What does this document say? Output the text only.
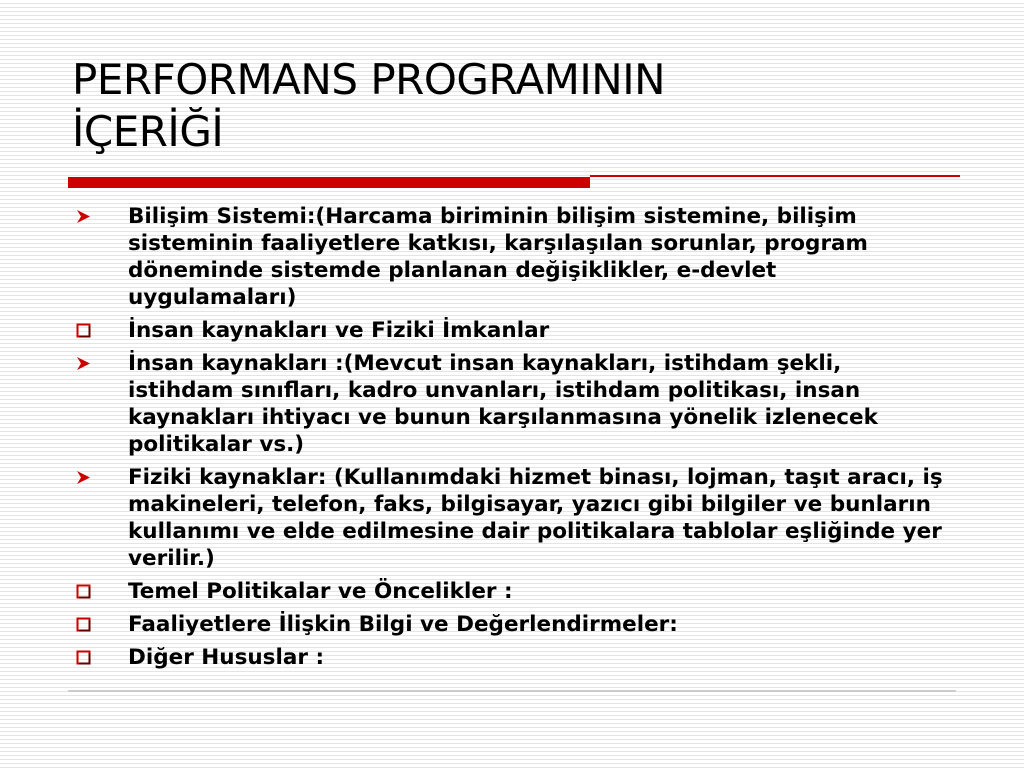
PERFORMANS PROGRAMININ
İÇERİĞİ
Bilişim Sistemi:(Harcama biriminin bilişim sistemine, bilişim sisteminin faaliyetlere katkısı, karşılaşılan sorunlar, program döneminde sistemde planlanan değişiklikler, e-devlet uygulamaları)
İnsan kaynakları ve Fiziki İmkanlar
İnsan kaynakları :(Mevcut insan kaynakları, istihdam şekli, istihdam sınıfları, kadro unvanları, istihdam politikası, insan kaynakları ihtiyacı ve bunun karşılanmasına yönelik izlenecek politikalar vs.)
Fiziki kaynaklar: (Kullanımdaki hizmet binası, lojman, taşıt aracı, iş makineleri, telefon, faks, bilgisayar, yazıcı gibi bilgiler ve bunların kullanımı ve elde edilmesine dair politikalara tablolar eşliğinde yer verilir.)
Temel Politikalar ve Öncelikler :
Faaliyetlere İlişkin Bilgi ve Değerlendirmeler:
Diğer Hususlar :
